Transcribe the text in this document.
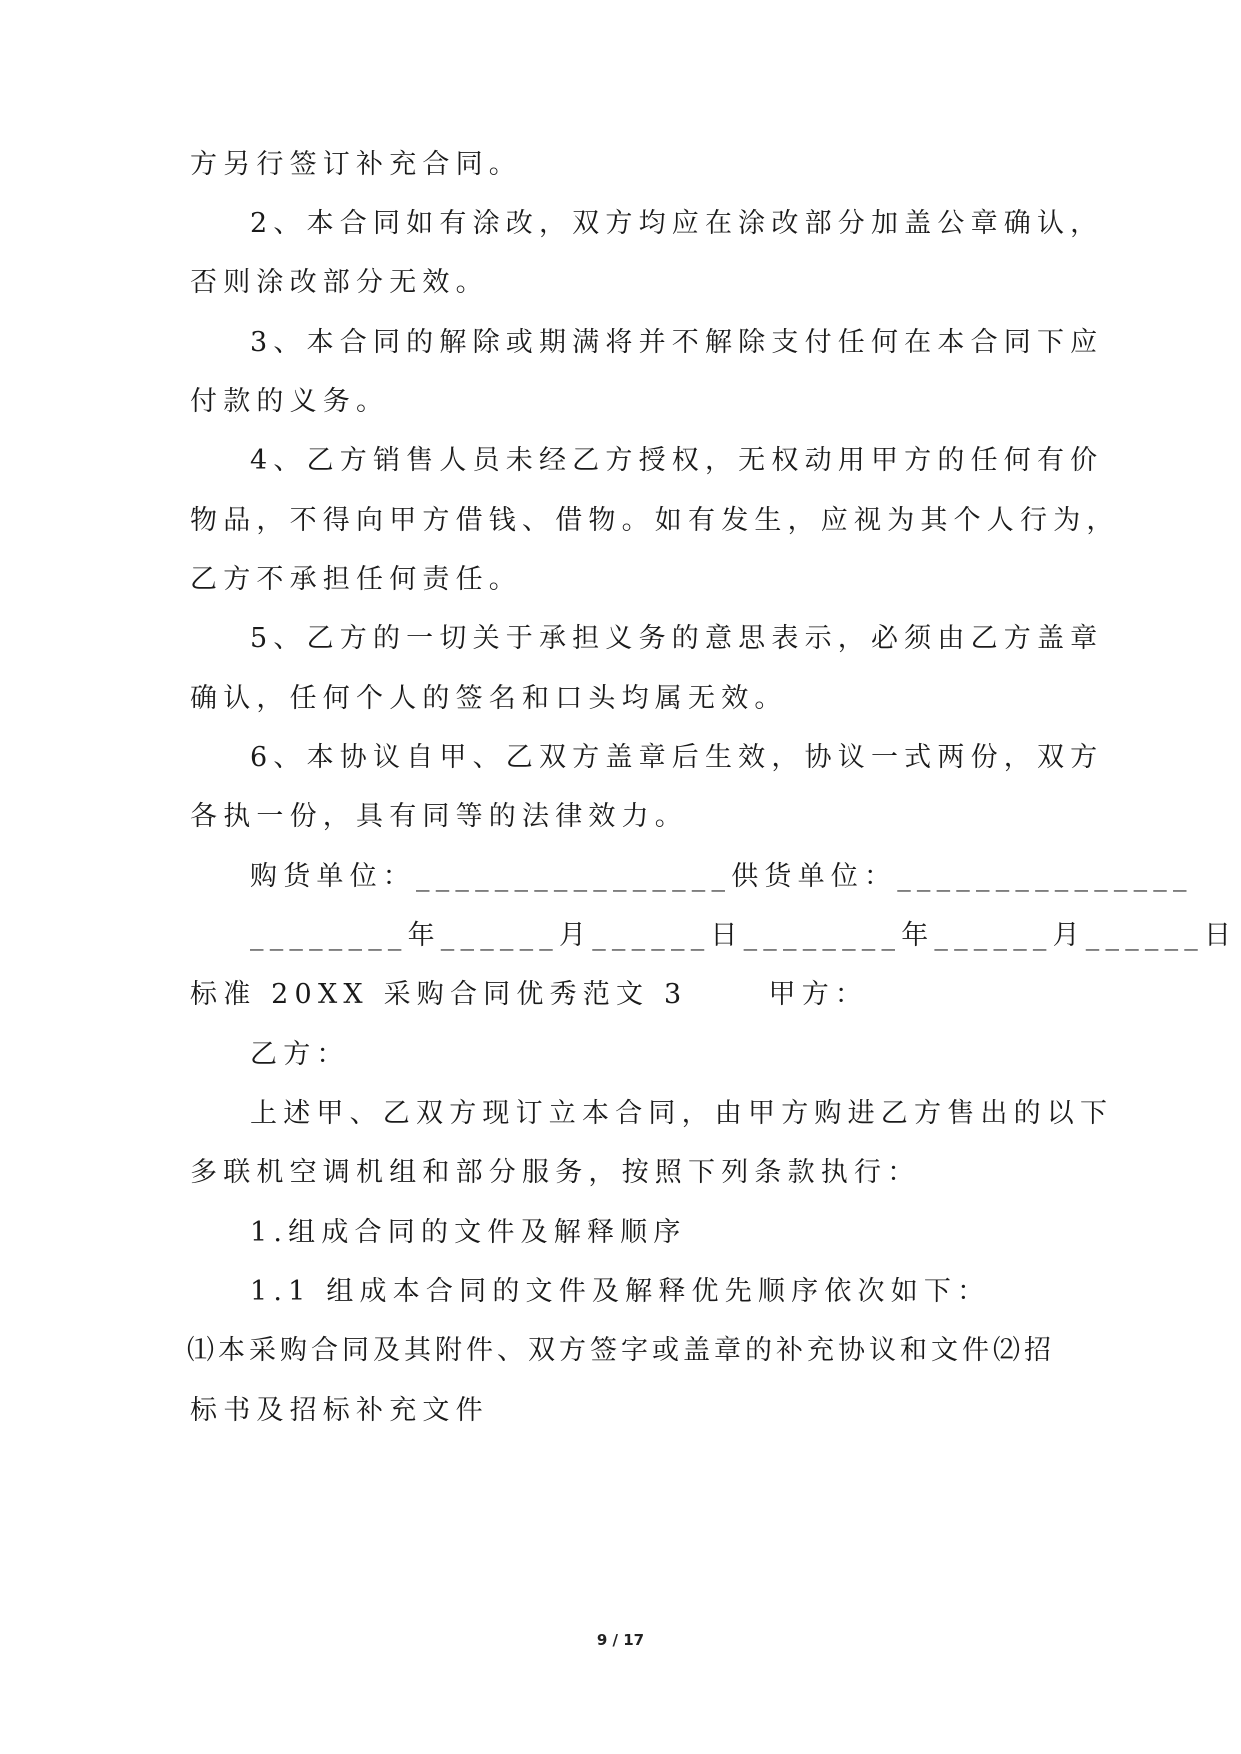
方另行签订补充合同。
2、本合同如有涂改，双方均应在涂改部分加盖公章确认，
否则涂改部分无效。
3、本合同的解除或期满将并不解除支付任何在本合同下应
付款的义务。
4、乙方销售人员未经乙方授权，无权动用甲方的任何有价
物品，不得向甲方借钱、借物。如有发生，应视为其个人行为，
乙方不承担任何责任。
5、乙方的一切关于承担义务的意思表示，必须由乙方盖章
确认，任何个人的签名和口头均属无效。
6、本协议自甲、乙双方盖章后生效，协议一式两份，双方
各执一份，具有同等的法律效力。
购货单位：________________供货单位：_______________
________年______月______日________年______月______日
标准 20XX 采购合同优秀范文 3　　 甲方：
乙方：
上述甲、乙双方现订立本合同，由甲方购进乙方售出的以下
多联机空调机组和部分服务，按照下列条款执行：
1.组成合同的文件及解释顺序
1.1 组成本合同的文件及解释优先顺序依次如下：
⑴本采购合同及其附件、双方签字或盖章的补充协议和文件⑵招
标书及招标补充文件
9 / 17
